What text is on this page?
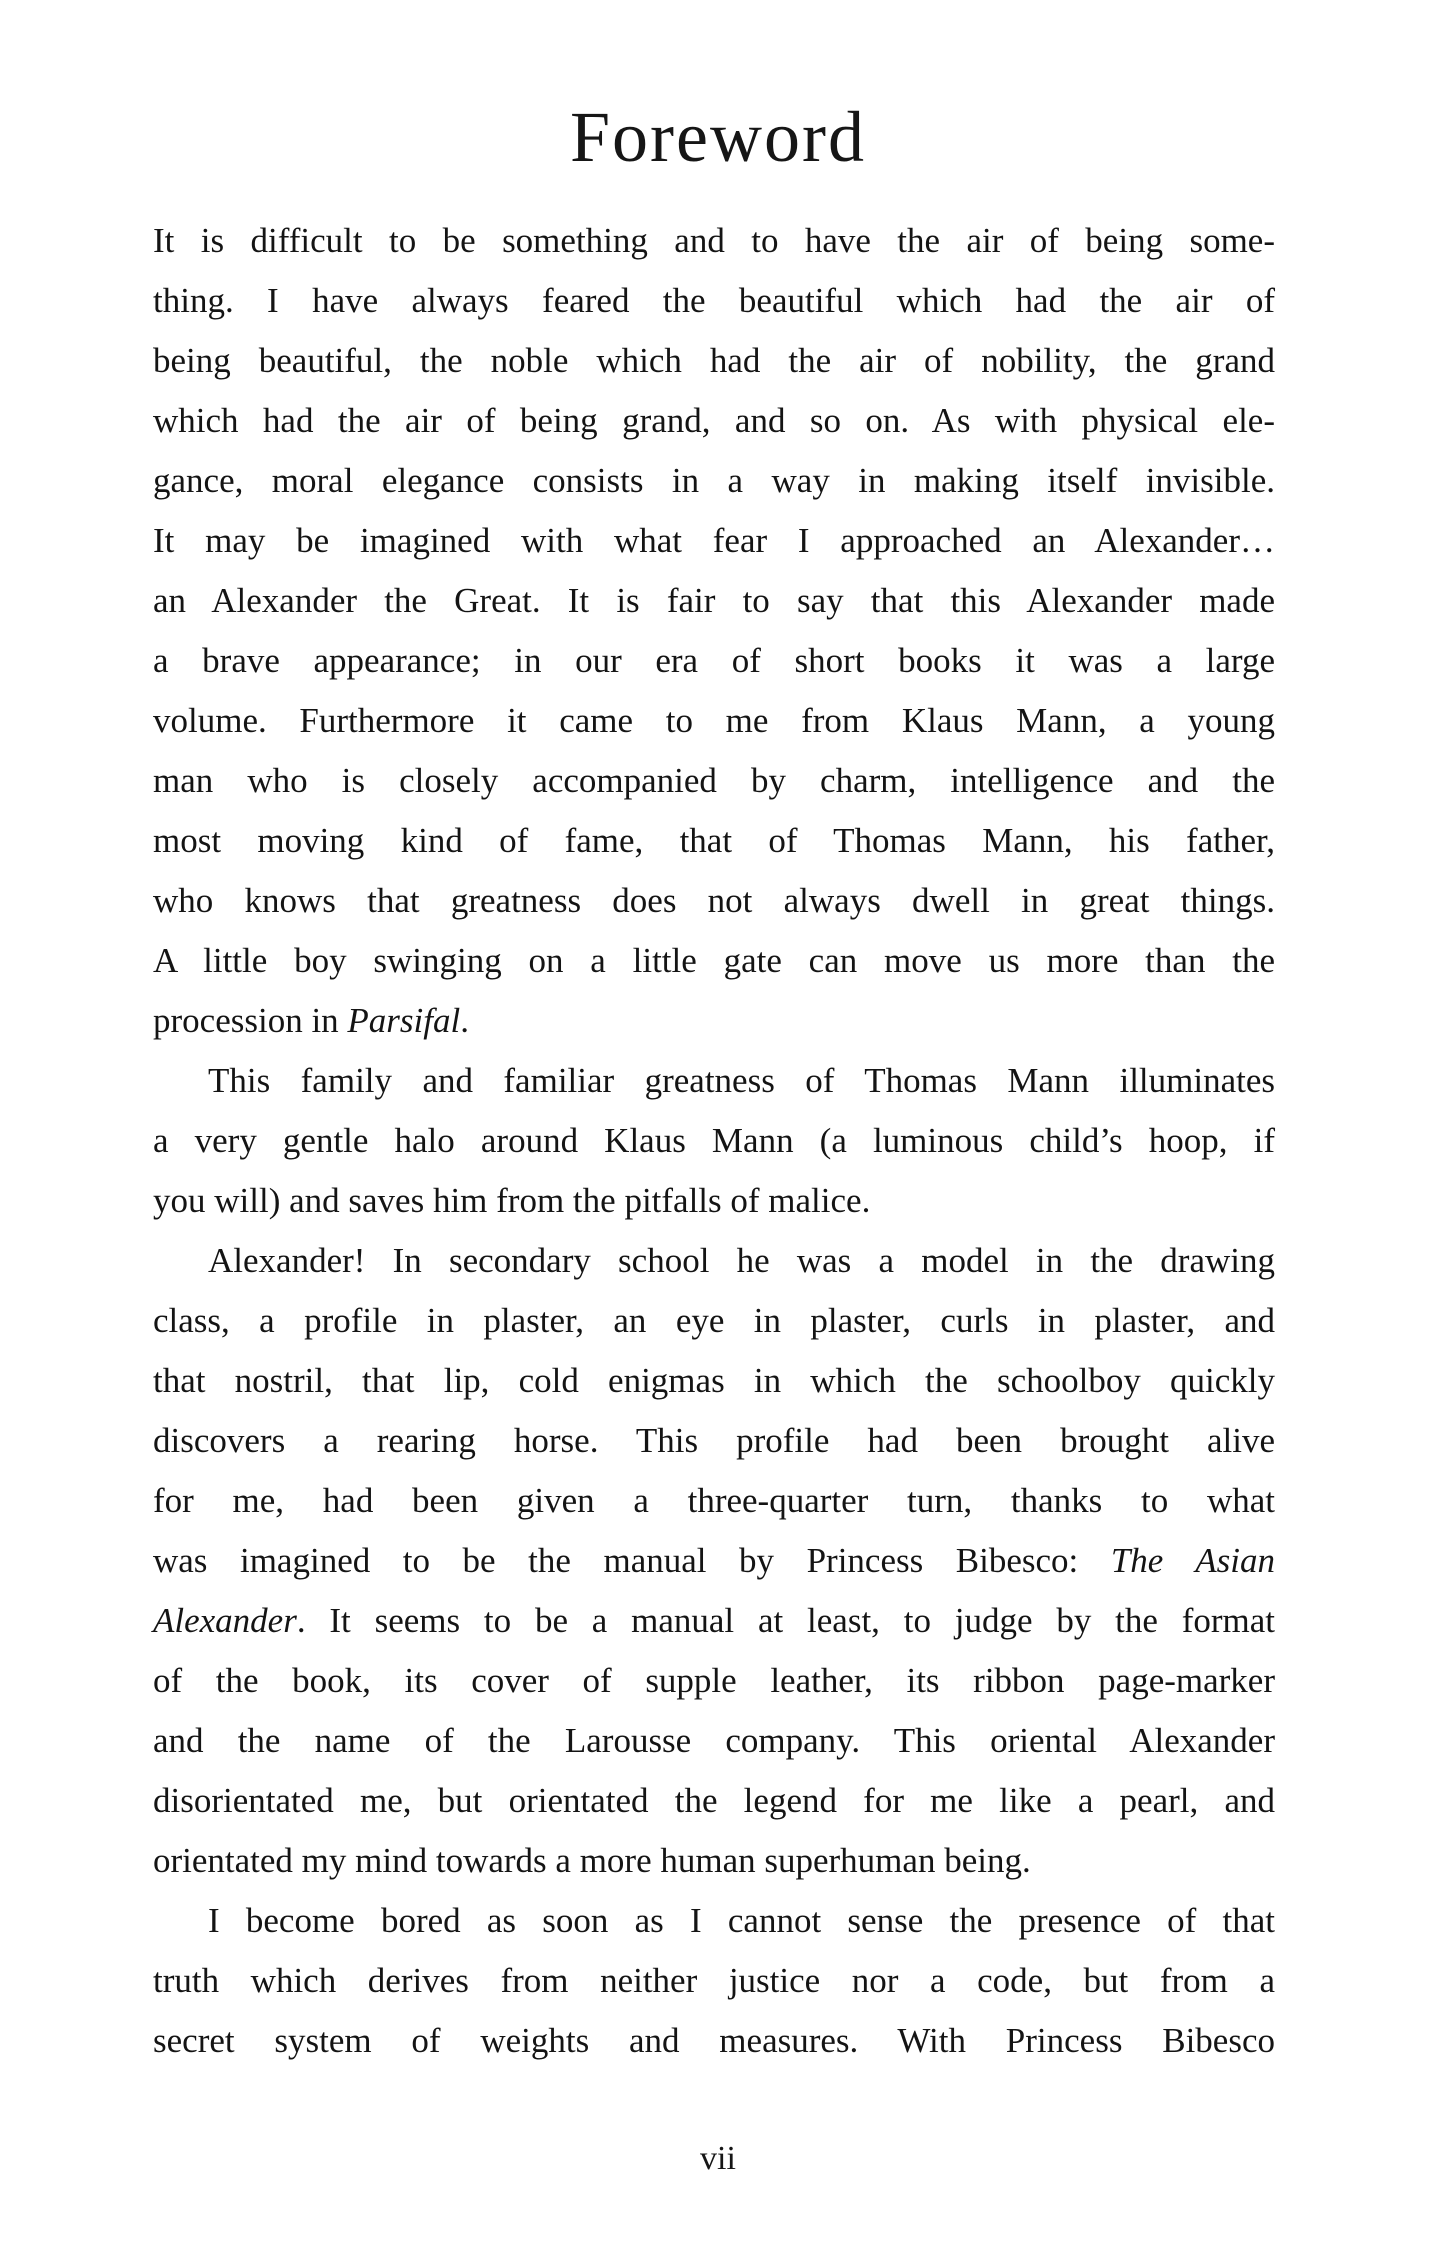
Foreword
It is difficult to be something and to have the air of being some-
thing. I have always feared the beautiful which had the air of
being beautiful, the noble which had the air of nobility, the grand
which had the air of being grand, and so on. As with physical ele-
gance, moral elegance consists in a way in making itself invisible.
It may be imagined with what fear I approached an Alexander…
an Alexander the Great. It is fair to say that this Alexander made
a brave appearance; in our era of short books it was a large
volume. Furthermore it came to me from Klaus Mann, a young
man who is closely accompanied by charm, intelligence and the
most moving kind of fame, that of Thomas Mann, his father,
who knows that greatness does not always dwell in great things.
A little boy swinging on a little gate can move us more than the
procession in Parsifal.
This family and familiar greatness of Thomas Mann illuminates
a very gentle halo around Klaus Mann (a luminous child’s hoop, if
you will) and saves him from the pitfalls of malice.
Alexander! In secondary school he was a model in the drawing
class, a profile in plaster, an eye in plaster, curls in plaster, and
that nostril, that lip, cold enigmas in which the schoolboy quickly
discovers a rearing horse. This profile had been brought alive
for me, had been given a three-quarter turn, thanks to what
was imagined to be the manual by Princess Bibesco: The Asian
Alexander. It seems to be a manual at least, to judge by the format
of the book, its cover of supple leather, its ribbon page-marker
and the name of the Larousse company. This oriental Alexander
disorientated me, but orientated the legend for me like a pearl, and
orientated my mind towards a more human superhuman being.
I become bored as soon as I cannot sense the presence of that
truth which derives from neither justice nor a code, but from a
secret system of weights and measures. With Princess Bibesco
vii
